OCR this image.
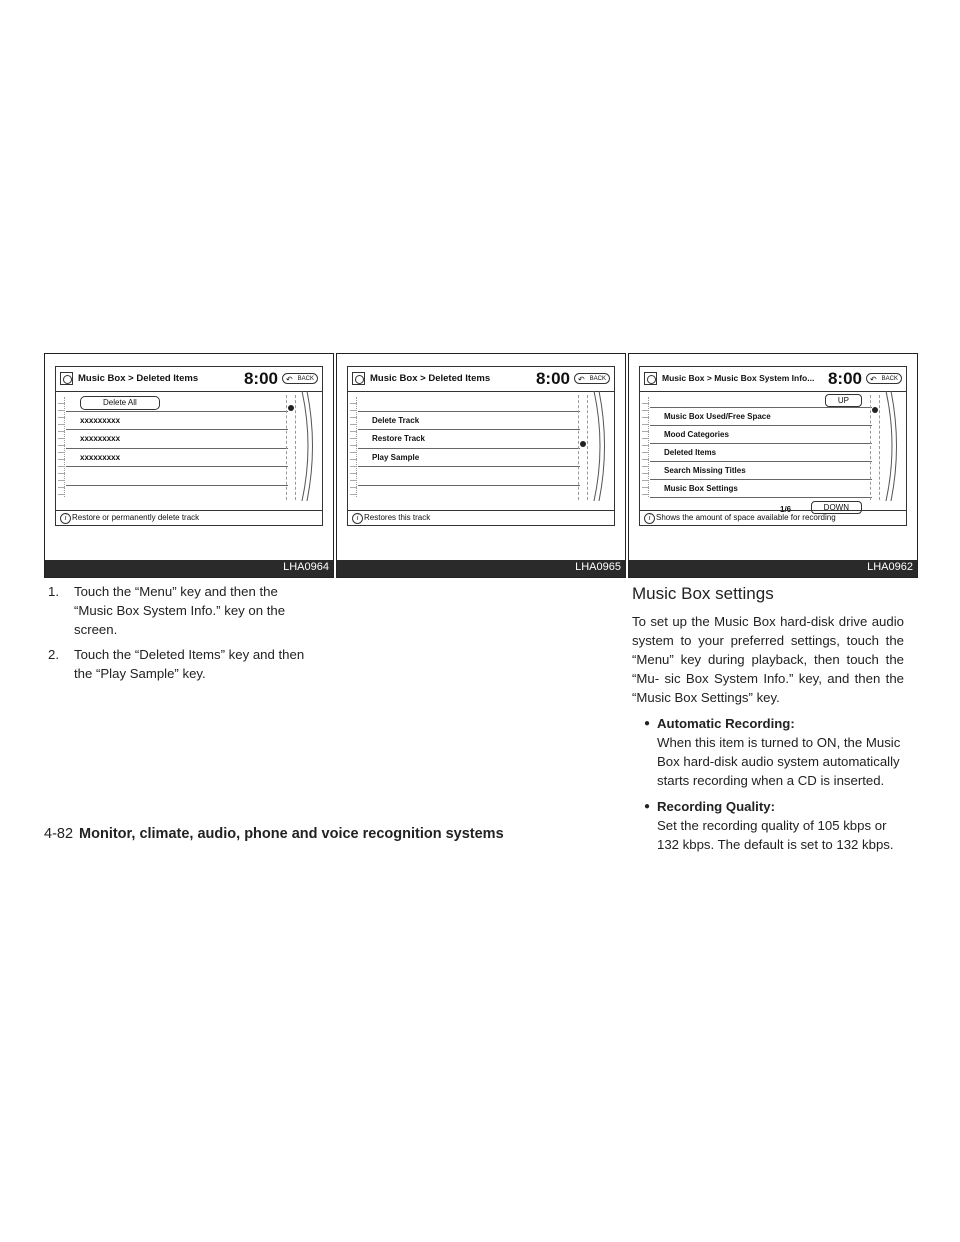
Music Box > Deleted Items	8:00	↶ BACK
Delete All
xxxxxxxxx
xxxxxxxxx
xxxxxxxxx
i Restore or permanently delete track
LHA0964
Music Box > Deleted Items	8:00	↶ BACK
Delete Track
Restore Track
Play Sample
i Restores this track
LHA0965
Music Box > Music Box System Info... 8:00	↶ BACK
UP
Music Box Used/Free Space
Mood Categories
Deleted Items
Search Missing Titles
Music Box Settings
1/6	DOWN
i Shows the amount of space available for recording
LHA0962
1. Touch the “Menu” key and then the “Music Box System Info.” key on the screen.
2. Touch the “Deleted Items” key and then the “Play Sample” key.
Music Box settings
To set up the Music Box hard-disk drive audio system to your preferred settings, touch the “Menu” key during playback, then touch the “Mu- sic Box System Info.” key, and then the “Music Box Settings” key.
● Automatic Recording:
When this item is turned to ON, the Music Box hard-disk audio system automatically starts recording when a CD is inserted.
● Recording Quality:
Set the recording quality of 105 kbps or 132 kbps. The default is set to 132 kbps.
4-82 Monitor, climate, audio, phone and voice recognition systems
